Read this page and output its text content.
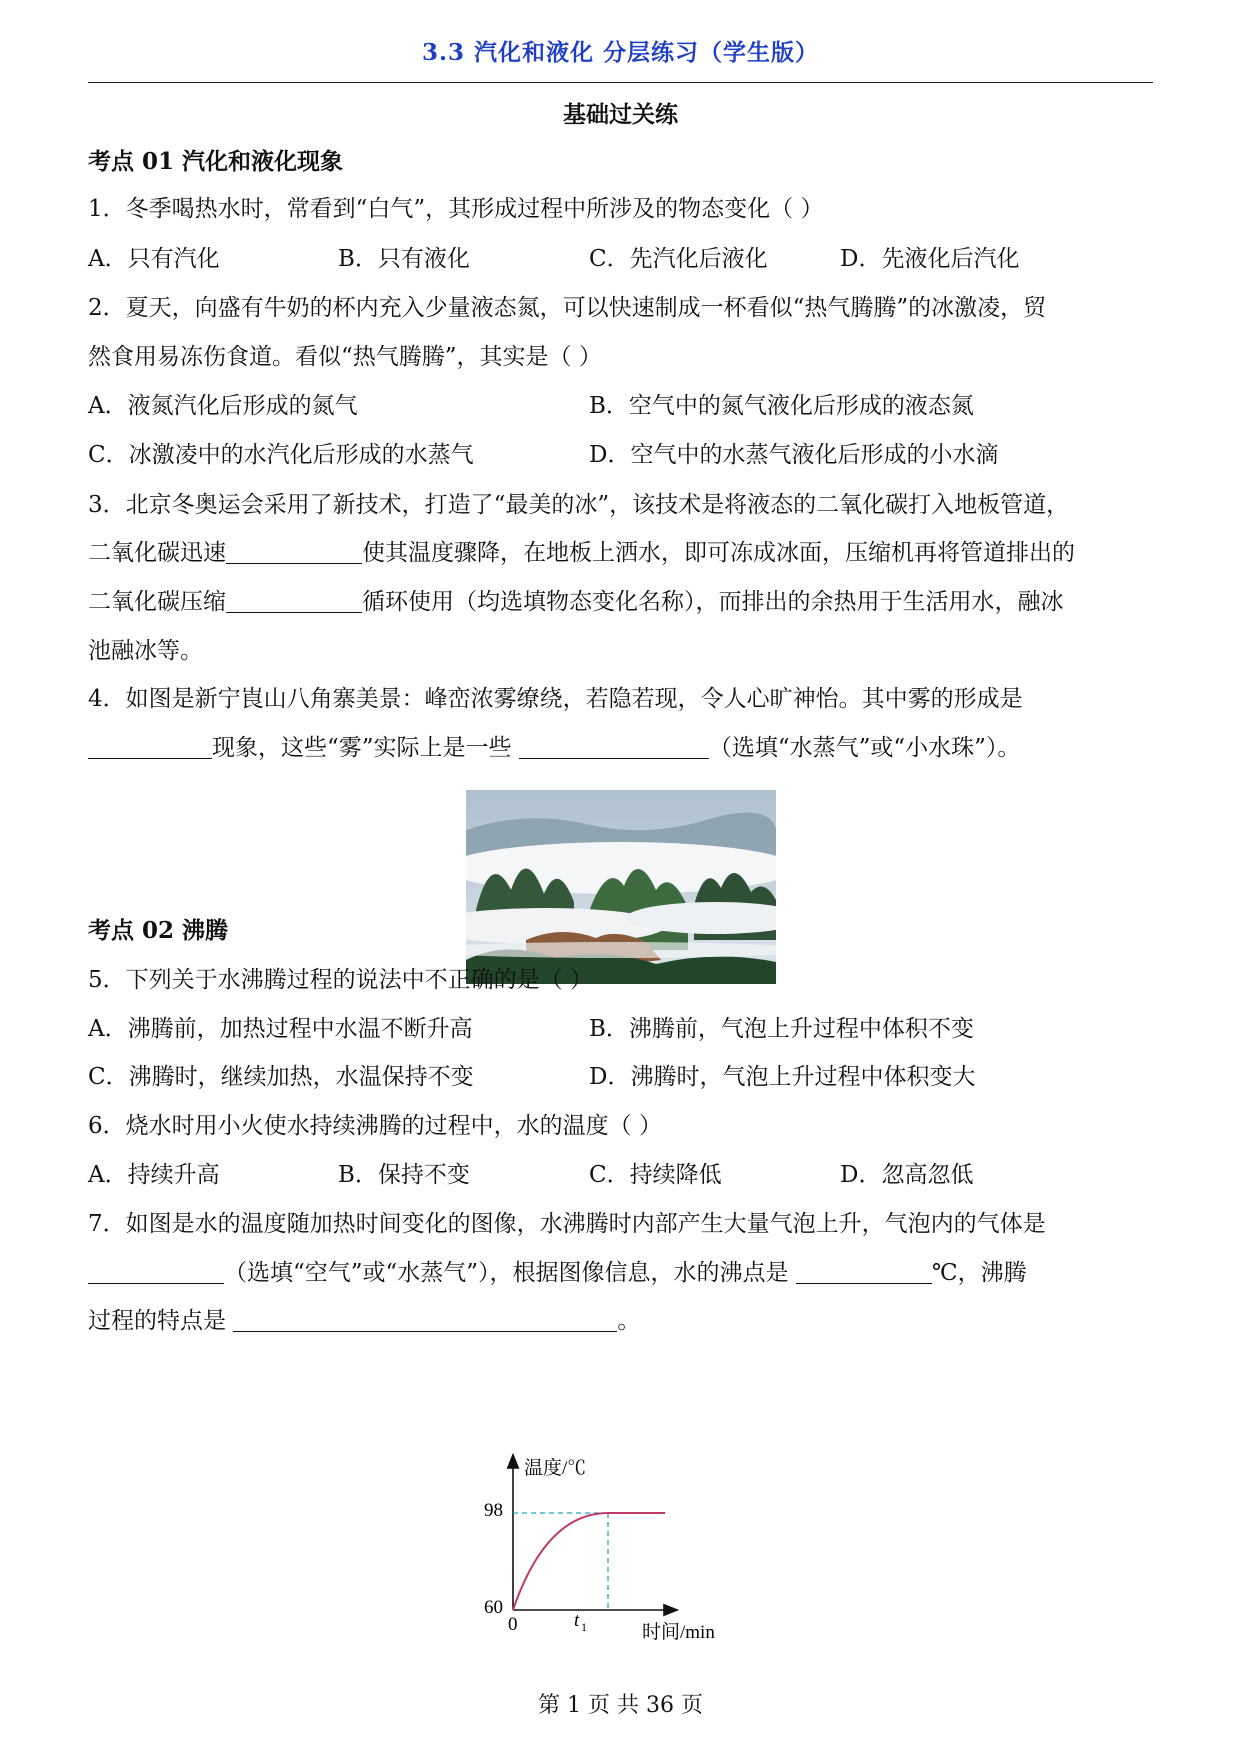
3.3 汽化和液化 分层练习（学生版）
基础过关练
考点 01 汽化和液化现象
1．冬季喝热水时，常看到“白气”，其形成过程中所涉及的物态变化（ ）
A．只有汽化	B．只有液化	C．先汽化后液化	D．先液化后汽化
2．夏天，向盛有牛奶的杯内充入少量液态氮，可以快速制成一杯看似“热气腾腾”的冰激凌，贸
然食用易冻伤食道。看似“热气腾腾”，其实是（ ）
A．液氮汽化后形成的氮气	B．空气中的氮气液化后形成的液态氮
C．冰激凌中的水汽化后形成的水蒸气	D．空气中的水蒸气液化后形成的小水滴
3．北京冬奥运会采用了新技术，打造了“最美的冰”，该技术是将液态的二氧化碳打入地板管道，
二氧化碳迅速	使其温度骤降，在地板上洒水，即可冻成冰面，压缩机再将管道排出的
二氧化碳压缩	循环使用（均选填物态变化名称），而排出的余热用于生活用水，融冰
池融冰等。
4．如图是新宁崀山八角寨美景：峰峦浓雾缭绕，若隐若现，令人心旷神怡。其中雾的形成是
现象，这些“雾”实际上是一些	（选填“水蒸气”或“小水珠”）。
考点 02 沸腾
5．下列关于水沸腾过程的说法中不正确的是（ ）
A．沸腾前，加热过程中水温不断升高	B．沸腾前，气泡上升过程中体积不变
C．沸腾时，继续加热，水温保持不变	D．沸腾时，气泡上升过程中体积变大
6．烧水时用小火使水持续沸腾的过程中，水的温度（ ）
A．持续升高	B．保持不变	C．持续降低	D．忽高忽低
7．如图是水的温度随加热时间变化的图像，水沸腾时内部产生大量气泡上升，气泡内的气体是
（选填“空气”或“水蒸气”），根据图像信息，水的沸点是	℃，沸腾
过程的特点是	。
温度/℃
时间/min
98
60
0	t 1
第 1 页 共 36 页
